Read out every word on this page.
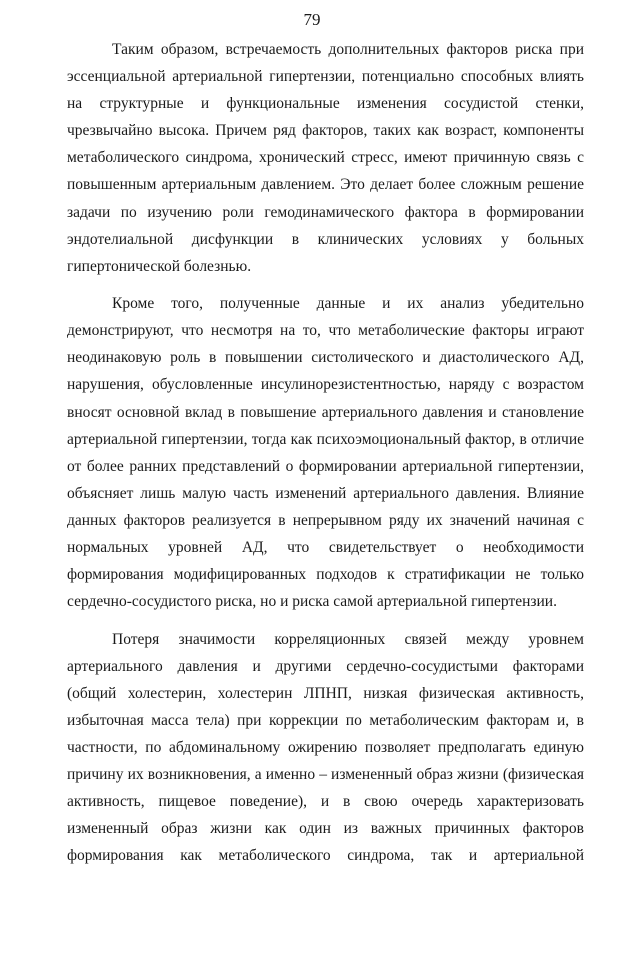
79
Таким образом, встречаемость дополнительных факторов риска при
эссенциальной артериальной гипертензии, потенциально способных влиять
на структурные и функциональные изменения сосудистой стенки,
чрезвычайно высока. Причем ряд факторов, таких как возраст, компоненты
метаболического синдрома, хронический стресс, имеют причинную связь с
повышенным артериальным давлением. Это делает более сложным решение
задачи по изучению роли гемодинамического фактора в формировании
эндотелиальной дисфункции в клинических условиях у больных
гипертонической болезнью.
Кроме того, полученные данные и их анализ убедительно
демонстрируют, что несмотря на то, что метаболические факторы играют
неодинаковую роль в повышении систолического и диастолического АД,
нарушения, обусловленные инсулинорезистентностью, наряду с возрастом
вносят основной вклад в повышение артериального давления и становление
артериальной гипертензии, тогда как психоэмоциональный фактор, в отличие
от более ранних представлений о формировании артериальной гипертензии,
объясняет лишь малую часть изменений артериального давления. Влияние
данных факторов реализуется в непрерывном ряду их значений начиная с
нормальных уровней АД, что свидетельствует о необходимости
формирования модифицированных подходов к стратификации не только
сердечно-сосудистого риска, но и риска самой артериальной гипертензии.
Потеря значимости корреляционных связей между уровнем
артериального давления и другими сердечно-сосудистыми факторами
(общий холестерин, холестерин ЛПНП, низкая физическая активность,
избыточная масса тела) при коррекции по метаболическим факторам и, в
частности, по абдоминальному ожирению позволяет предполагать единую
причину их возникновения, а именно – измененный образ жизни (физическая
активность, пищевое поведение), и в свою очередь характеризовать
измененный образ жизни как один из важных причинных факторов
формирования как метаболического синдрома, так и артериальной
